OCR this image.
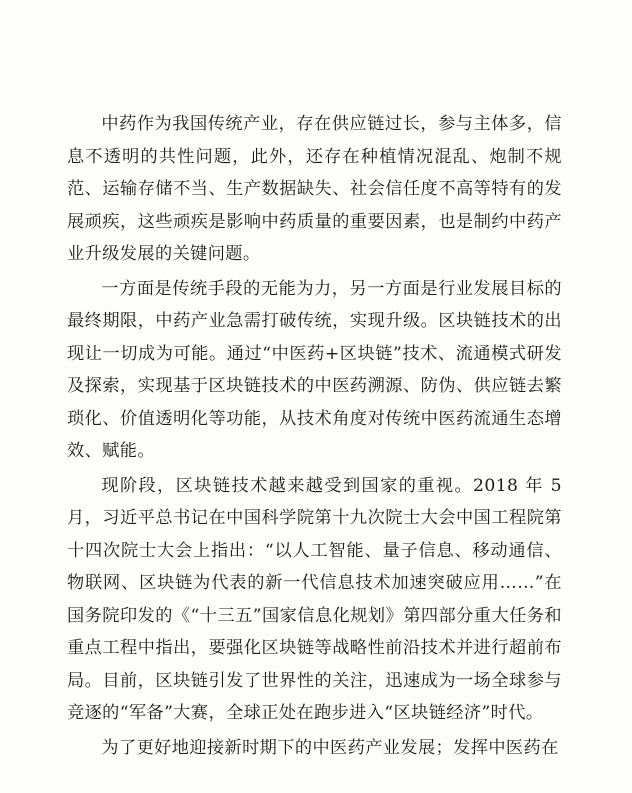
中药作为我国传统产业，存在供应链过长，参与主体多，信息不透明的共性问题，此外，还存在种植情况混乱、炮制不规范、运输存储不当、生产数据缺失、社会信任度不高等特有的发展顽疾，这些顽疾是影响中药质量的重要因素，也是制约中药产业升级发展的关键问题。

一方面是传统手段的无能为力，另一方面是行业发展目标的最终期限，中药产业急需打破传统，实现升级。区块链技术的出现让一切成为可能。通过“中医药+区块链”技术、流通模式研发及探索，实现基于区块链技术的中医药溯源、防伪、供应链去繁琐化、价值透明化等功能，从技术角度对传统中医药流通生态增效、赋能。

现阶段，区块链技术越来越受到国家的重视。2018 年 5 月，习近平总书记在中国科学院第十九次院士大会中国工程院第十四次院士大会上指出：“以人工智能、量子信息、移动通信、物联网、区块链为代表的新一代信息技术加速突破应用……”在国务院印发的《“十三五”国家信息化规划》第四部分重大任务和重点工程中指出，要强化区块链等战略性前沿技术并进行超前布局。目前，区块链引发了世界性的关注，迅速成为一场全球参与竞逐的“军备”大赛，全球正处在跑步进入“区块链经济”时代。

为了更好地迎接新时期下的中医药产业发展；发挥中医药在
